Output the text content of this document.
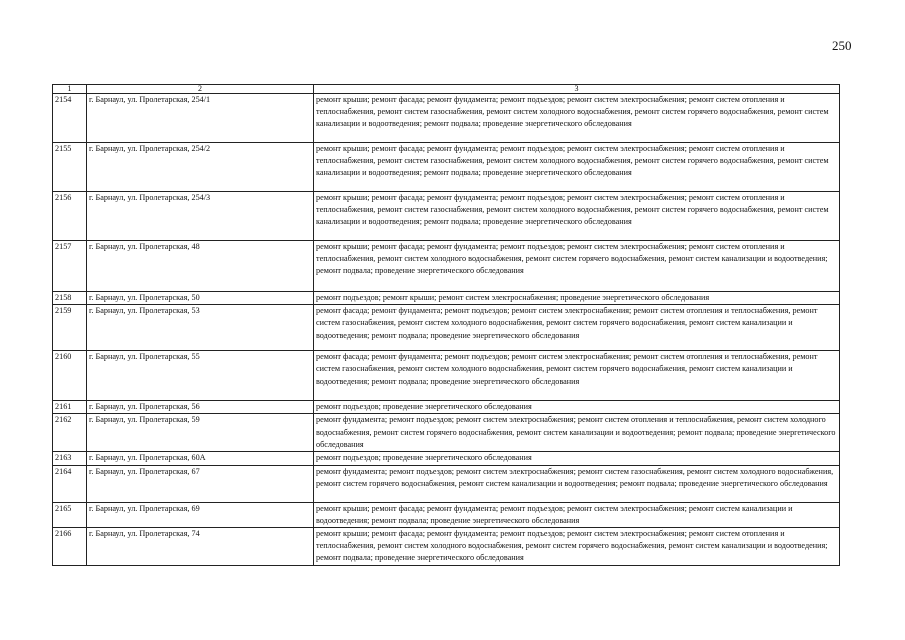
250
1	2	3
2154	г. Барнаул, ул. Пролетарская, 254/1	ремонт крыши; ремонт фасада; ремонт фундамента; ремонт подъездов; ремонт систем электроснабжения; ремонт систем отопления и теплоснабжения, ремонт систем газоснабжения, ремонт систем холодного водоснабжения, ремонт систем горячего водоснабжения, ремонт систем канализации и водоотведения; ремонт подвала; проведение энергетического обследования
2155	г. Барнаул, ул. Пролетарская, 254/2	ремонт крыши; ремонт фасада; ремонт фундамента; ремонт подъездов; ремонт систем электроснабжения; ремонт систем отопления и теплоснабжения, ремонт систем газоснабжения, ремонт систем холодного водоснабжения, ремонт систем горячего водоснабжения, ремонт систем канализации и водоотведения; ремонт подвала; проведение энергетического обследования
2156	г. Барнаул, ул. Пролетарская, 254/3	ремонт крыши; ремонт фасада; ремонт фундамента; ремонт подъездов; ремонт систем электроснабжения; ремонт систем отопления и теплоснабжения, ремонт систем газоснабжения, ремонт систем холодного водоснабжения, ремонт систем горячего водоснабжения, ремонт систем канализации и водоотведения; ремонт подвала; проведение энергетического обследования
2157	г. Барнаул, ул. Пролетарская, 48	ремонт крыши; ремонт фасада; ремонт фундамента; ремонт подъездов; ремонт систем электроснабжения; ремонт систем отопления и теплоснабжения, ремонт систем холодного водоснабжения, ремонт систем горячего водоснабжения, ремонт систем канализации и водоотведения; ремонт подвала; проведение энергетического обследования
2158	г. Барнаул, ул. Пролетарская, 50	ремонт подъездов; ремонт крыши; ремонт систем электроснабжения; проведение энергетического обследования
2159	г. Барнаул, ул. Пролетарская, 53	ремонт фасада; ремонт фундамента; ремонт подъездов; ремонт систем электроснабжения; ремонт систем отопления и теплоснабжения, ремонт систем газоснабжения, ремонт систем холодного водоснабжения, ремонт систем горячего водоснабжения, ремонт систем канализации и водоотведения; ремонт подвала; проведение энергетического обследования
2160	г. Барнаул, ул. Пролетарская, 55	ремонт фасада; ремонт фундамента; ремонт подъездов; ремонт систем электроснабжения; ремонт систем отопления и теплоснабжения, ремонт систем газоснабжения, ремонт систем холодного водоснабжения, ремонт систем горячего водоснабжения, ремонт систем канализации и водоотведения; ремонт подвала; проведение энергетического обследования
2161	г. Барнаул, ул. Пролетарская, 56	ремонт подъездов; проведение энергетического обследования
2162	г. Барнаул, ул. Пролетарская, 59	ремонт фундамента; ремонт подъездов; ремонт систем электроснабжения; ремонт систем отопления и теплоснабжения, ремонт систем холодного водоснабжения, ремонт систем горячего водоснабжения, ремонт систем канализации и водоотведения; ремонт подвала; проведение энергетического обследования
2163	г. Барнаул, ул. Пролетарская, 60А	ремонт подъездов; проведение энергетического обследования
2164	г. Барнаул, ул. Пролетарская, 67	ремонт фундамента; ремонт подъездов; ремонт систем электроснабжения; ремонт систем газоснабжения, ремонт систем холодного водоснабжения, ремонт систем горячего водоснабжения, ремонт систем канализации и водоотведения; ремонт подвала; проведение энергетического обследования
2165	г. Барнаул, ул. Пролетарская, 69	ремонт крыши; ремонт фасада; ремонт фундамента; ремонт подъездов; ремонт систем электроснабжения; ремонт систем канализации и водоотведения; ремонт подвала; проведение энергетического обследования
2166	г. Барнаул, ул. Пролетарская, 74	ремонт крыши; ремонт фасада; ремонт фундамента; ремонт подъездов; ремонт систем электроснабжения; ремонт систем отопления и теплоснабжения, ремонт систем холодного водоснабжения, ремонт систем горячего водоснабжения, ремонт систем канализации и водоотведения; ремонт подвала; проведение энергетического обследования
